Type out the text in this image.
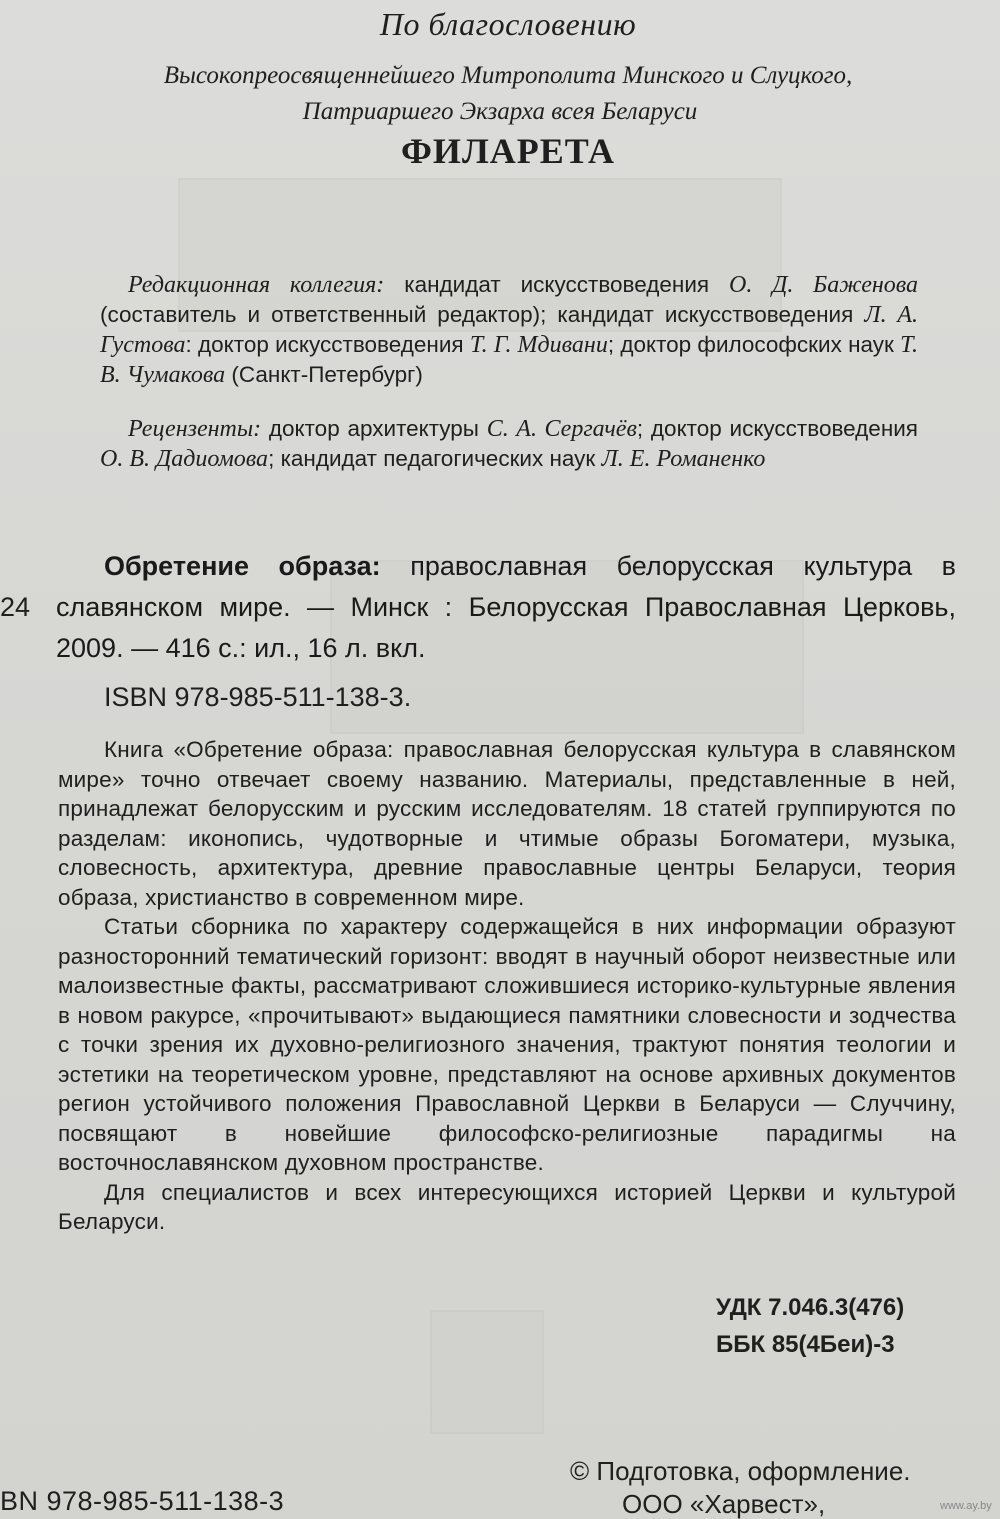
По благословению
Высокопреосвященнейшего Митрополита Минского и Слуцкого,
Патриаршего Экзарха всея Беларуси
ФИЛАРЕТА
Редакционная коллегия: кандидат искусствоведения О. Д. Баженова (составитель и ответственный редактор); кандидат искусствоведения Л. А. Густова: доктор искусствоведения Т. Г. Мдивани; доктор философских наук Т. В. Чумакова (Санкт-Петербург)
Рецензенты: доктор архитектуры С. А. Сергачёв; доктор искусствоведения О. В. Дадиомова; кандидат педагогических наук Л. Е. Романенко
24
Обретение образа: православная белорусская культура в славянском мире. — Минск : Белорусская Православная Церковь, 2009. — 416 с.: ил., 16 л. вкл.
ISBN 978-985-511-138-3.

Книга «Обретение образа: православная белорусская культура в славянском мире» точно отвечает своему названию. Материалы, представленные в ней, принадлежат белорусским и русским исследователям. 18 статей группируются по разделам: иконопись, чудотворные и чтимые образы Богоматери, музыка, словесность, архитектура, древние православные центры Беларуси, теория образа, христианство в современном мире.

Статьи сборника по характеру содержащейся в них информации образуют разносторонний тематический горизонт: вводят в научный оборот неизвестные или малоизвестные факты, рассматривают сложившиеся историко-культурные явления в новом ракурсе, «прочитывают» выдающиеся памятники словесности и зодчества с точки зрения их духовно-религиозного значения, трактуют понятия теологии и эстетики на теоретическом уровне, представляют на основе архивных документов регион устойчивого положения Православной Церкви в Беларуси — Случчину, посвящают в новейшие философско-религиозные парадигмы на восточнославянском духовном пространстве.

Для специалистов и всех интересующихся историей Церкви и культурой Беларуси.

УДК 7.046.3(476)
ББК 85(4Беи)-3
© Подготовка, оформление.
ООО «Харвест»,
BN 978-985-511-138-3	www.ay.by
